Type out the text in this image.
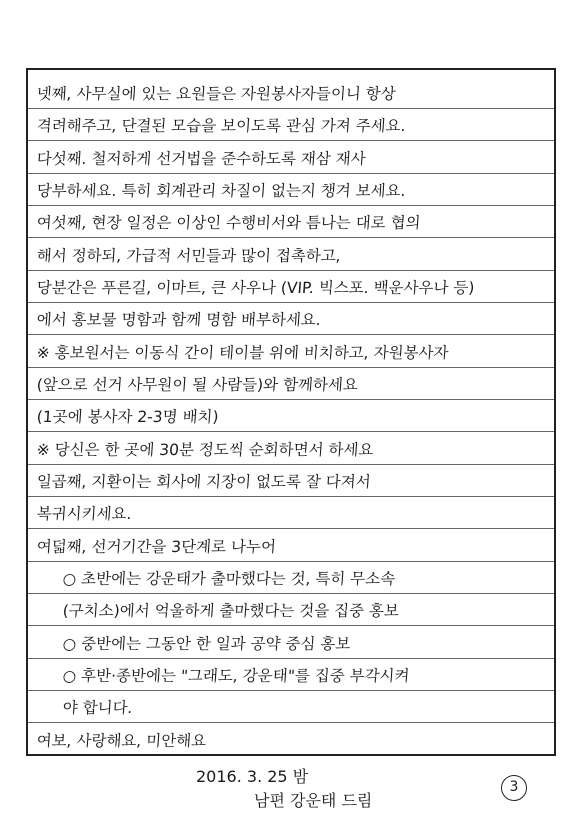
넷째, 사무실에 있는 요원들은 자원봉사자들이니 항상
격려해주고, 단결된 모습을 보이도록 관심 가져 주세요.
다섯째. 철저하게 선거법을 준수하도록 재삼 재사
당부하세요. 특히 회계관리 차질이 없는지 챙겨 보세요.
여섯째, 현장 일정은 이상인 수행비서와 틈나는 대로 협의
해서 정하되, 가급적 서민들과 많이 접촉하고,
당분간은 푸른길, 이마트, 큰 사우나 (VIP. 빅스포. 백운사우나 등)
에서 홍보물 명함과 함께 명함 배부하세요.
※ 홍보원서는 이동식 간이 테이블 위에 비치하고, 자원봉사자
(앞으로 선거 사무원이 될 사람들)와 함께하세요
(1곳에 봉사자 2-3명 배치)
※ 당신은 한 곳에 30분 정도씩 순회하면서 하세요
일곱째, 지환이는 회사에 지장이 없도록 잘 다져서
복귀시키세요.
여덟째, 선거기간을 3단계로 나누어
○ 초반에는 강운태가 출마했다는 것, 특히 무소속
(구치소)에서 억울하게 출마했다는 것을 집중 홍보
○ 중반에는 그동안 한 일과 공약 중심 홍보
○ 후반·종반에는 "그래도, 강운태"를 집중 부각시켜
야 합니다.
여보, 사랑해요, 미안해요
2016. 3. 25 밤
남편 강운태 드림
3
